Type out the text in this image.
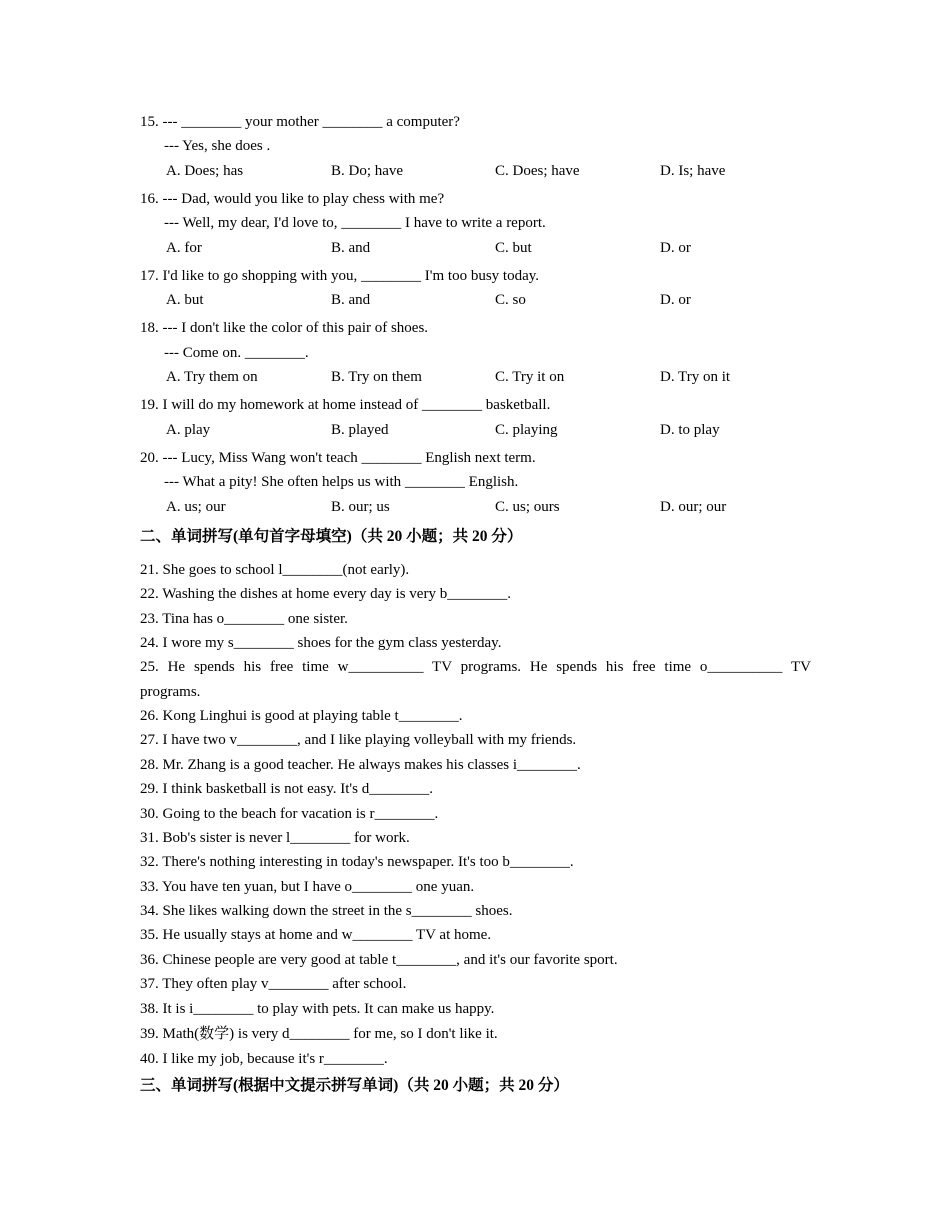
15. --- ________ your mother ________ a computer?
--- Yes, she does .
A. Does; has	B. Do; have	C. Does; have	D. Is; have
16. --- Dad, would you like to play chess with me?
--- Well, my dear, I'd love to, ________ I have to write a report.
A. for	B. and	C. but	D. or
17. I'd like to go shopping with you, ________ I'm too busy today.
A. but	B. and	C. so	D. or
18. --- I don't like the color of this pair of shoes.
--- Come on. ________.
A. Try them on	B. Try on them	C. Try it on	D. Try on it
19. I will do my homework at home instead of ________ basketball.
A. play	B. played	C. playing	D. to play
20. --- Lucy, Miss Wang won't teach ________ English next term.
--- What a pity! She often helps us with ________ English.
A. us; our	B. our; us	C. us; ours	D. our; our
二、单词拼写(单句首字母填空)（共 20 小题；共 20 分）
21. She goes to school l________(not early).
22. Washing the dishes at home every day is very b________.
23. Tina has o________ one sister.
24. I wore my s________ shoes for the gym class yesterday.
25. He spends his free time w__________ TV programs. He spends his free time o__________ TV
programs.
26. Kong Linghui is good at playing table t________.
27. I have two v________, and I like playing volleyball with my friends.
28. Mr. Zhang is a good teacher. He always makes his classes i________.
29. I think basketball is not easy. It's d________.
30. Going to the beach for vacation is r________.
31. Bob's sister is never l________ for work.
32. There's nothing interesting in today's newspaper. It's too b________.
33. You have ten yuan, but I have o________ one yuan.
34. She likes walking down the street in the s________ shoes.
35. He usually stays at home and w________ TV at home.
36. Chinese people are very good at table t________, and it's our favorite sport.
37. They often play v________ after school.
38. It is i________ to play with pets. It can make us happy.
39. Math(数学) is very d________ for me, so I don't like it.
40. I like my job, because it's r________.
三、单词拼写(根据中文提示拼写单词)（共 20 小题；共 20 分）
